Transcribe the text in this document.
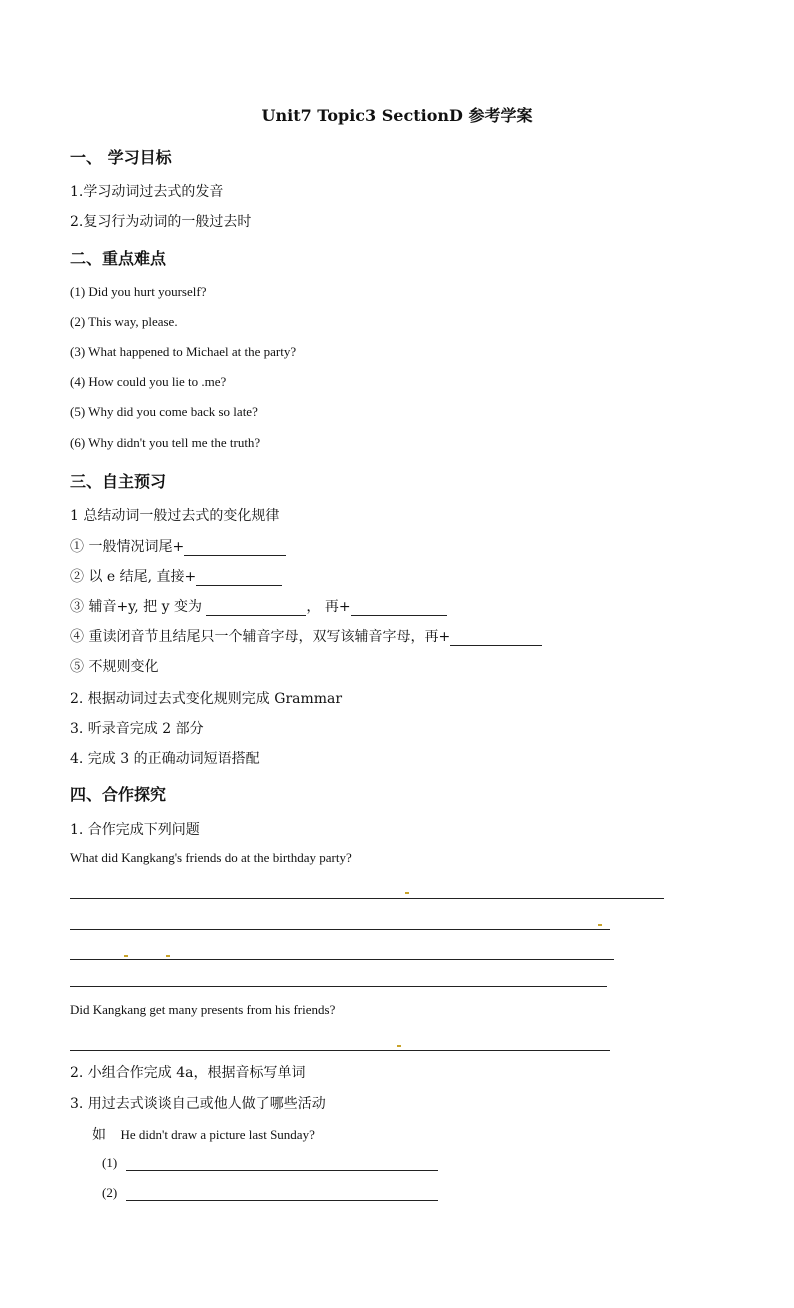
Unit7 Topic3 SectionD 参考学案
一、 学习目标
1.学习动词过去式的发音
2.复习行为动词的一般过去时
二、重点难点
(1) Did you hurt yourself?
(2) This way, please.
(3) What happened to Michael at the party?
(4) How could you lie to .me?
(5) Why did you come back so late?
(6) Why didn't you tell me the truth?
三、自主预习
1 总结动词一般过去式的变化规律
① 一般情况词尾+
② 以 e 结尾, 直接+
③ 辅音+y, 把 y 变为	， 再+
④ 重读闭音节且结尾只一个辅音字母，双写该辅音字母，再+
⑤ 不规则变化
2. 根据动词过去式变化规则完成 Grammar
3. 听录音完成 2 部分
4. 完成 3 的正确动词短语搭配
四、合作探究
1. 合作完成下列问题
What did Kangkang's friends do at the birthday party?
Did Kangkang get many presents from his friends?
2. 小组合作完成 4a，根据音标写单词
3. 用过去式谈谈自己或他人做了哪些活动
如 He didn't draw a picture last Sunday?
(1)
(2)
